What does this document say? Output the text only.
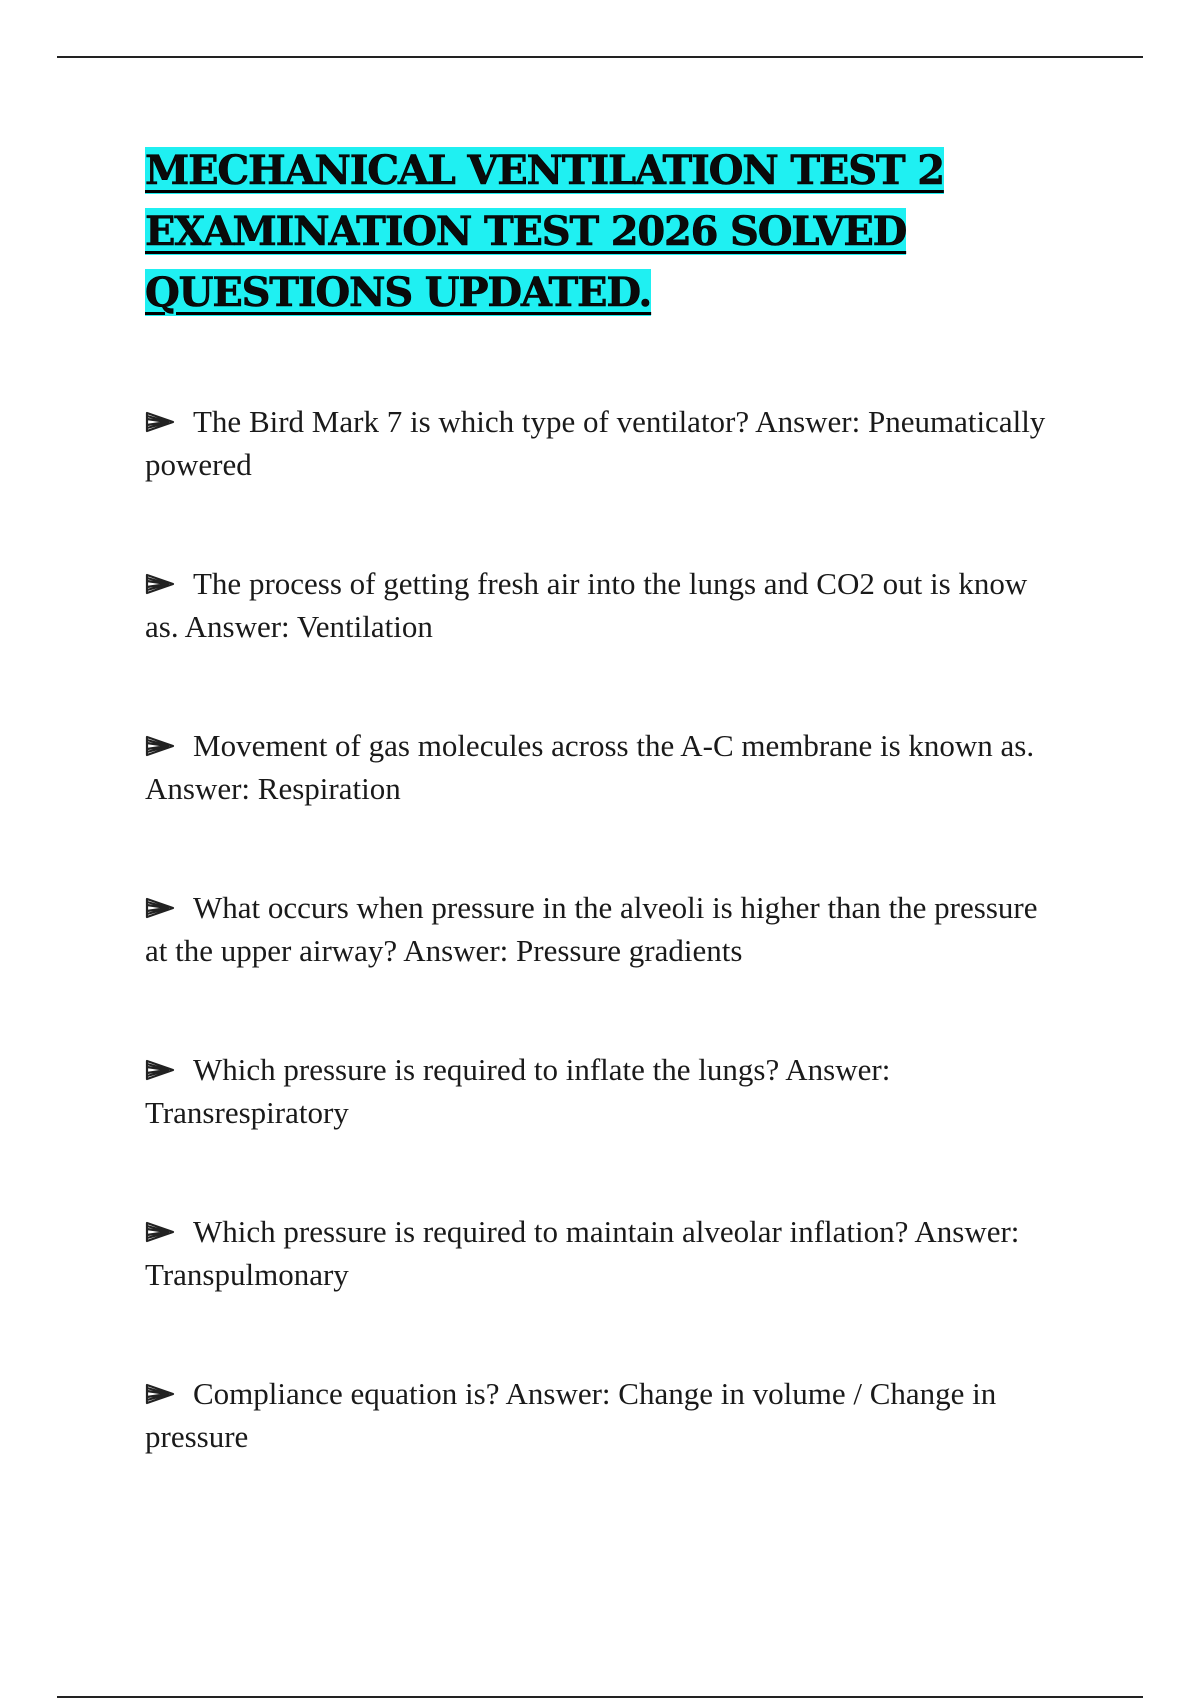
MECHANICAL VENTILATION TEST 2 EXAMINATION TEST 2026 SOLVED QUESTIONS UPDATED.
The Bird Mark 7 is which type of ventilator? Answer: Pneumatically powered
The process of getting fresh air into the lungs and CO2 out is know as. Answer: Ventilation
Movement of gas molecules across the A-C membrane is known as. Answer: Respiration
What occurs when pressure in the alveoli is higher than the pressure at the upper airway? Answer: Pressure gradients
Which pressure is required to inflate the lungs? Answer: Transrespiratory
Which pressure is required to maintain alveolar inflation? Answer: Transpulmonary
Compliance equation is? Answer: Change in volume / Change in pressure
